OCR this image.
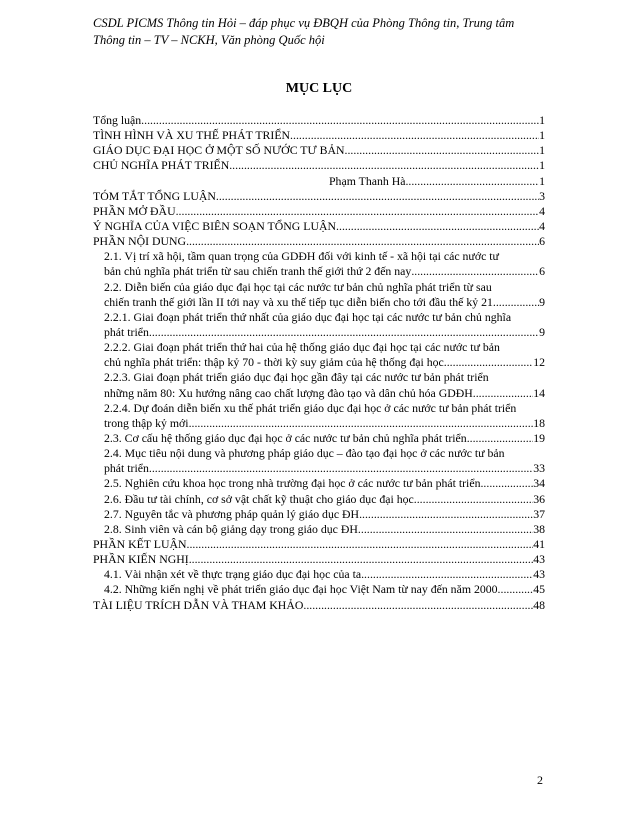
CSDL PICMS Thông tin Hỏi – đáp phục vụ ĐBQH của Phòng Thông tin, Trung tâm
Thông tin – TV – NCKH, Văn phòng Quốc hội
MỤC LỤC
Tổng luận .....	1
TÌNH HÌNH VÀ XU THẾ PHÁT TRIỂN .....	1
GIÁO DỤC ĐẠI HỌC Ở MỘT SỐ NƯỚC TƯ BẢN .....	1
CHỦ NGHĨA PHÁT TRIỂN .....	1
Phạm Thanh Hà .....	1
TÓM TẮT TỔNG LUẬN .....	3
PHẦN MỞ ĐẦU .....	4
Ý NGHĨA CỦA VIỆC BIÊN SOẠN TỔNG LUẬN .....	4
PHẦN NỘI DUNG .....	6
2.1. Vị trí xã hội, tầm quan trọng của GDĐH đối với kinh tế - xã hội tại các nước tư
bản chủ nghĩa phát triển từ sau chiến tranh thế giới thứ 2 đến nay .....	6
2.2. Diễn biến của giáo dục đại học tại các nước tư bản chủ nghĩa phát triển từ sau
chiến tranh thế giới lần II tới nay và xu thế tiếp tục diễn biến cho tới đầu thế kỷ 21 .....	9
2.2.1. Giai đoạn phát triển thứ nhất của giáo dục đại học tại các nước tư bản chủ nghĩa
phát triển .....	9
2.2.2. Giai đoạn phát triển thứ hai của hệ thống giáo dục đại học tại các nước tư bản
chủ nghĩa phát triển: thập kỷ 70 - thời kỳ suy giảm của hệ thống đại học .....	12
2.2.3. Giai đoạn phát triển giáo dục đại học gần đây tại các nước tư bản phát triển
những năm 80: Xu hướng nâng cao chất lượng đào tạo và dân chủ hóa GDĐH .....	14
2.2.4. Dự đoán diễn biến xu thế phát triển giáo dục đại học ở các nước tư bản phát triển
trong thập kỷ mới .....	18
2.3. Cơ cấu hệ thống giáo dục đại học ở các nước tư bản chủ nghĩa phát triển .....	19
2.4. Mục tiêu nội dung và phương pháp giáo dục – đào tạo đại học ở các nước tư bản
phát triển .....	33
2.5. Nghiên cứu khoa học trong nhà trường đại học ở các nước tư bản phát triển .....	34
2.6. Đầu tư tài chính, cơ sở vật chất kỹ thuật cho giáo dục đại học .....	36
2.7. Nguyên tắc và phương pháp quản lý giáo dục ĐH .....	37
2.8. Sinh viên và cán bộ giảng dạy trong giáo dục ĐH .....	38
PHẦN KẾT LUẬN .....	41
PHẦN KIẾN NGHỊ .....	43
4.1. Vài nhận xét về thực trạng giáo dục đại học của ta .....	43
4.2. Những kiến nghị về phát triển giáo dục đại học Việt Nam từ nay đến năm 2000. .....	45
TÀI LIỆU TRÍCH DẪN VÀ THAM KHẢO .....	48
2
